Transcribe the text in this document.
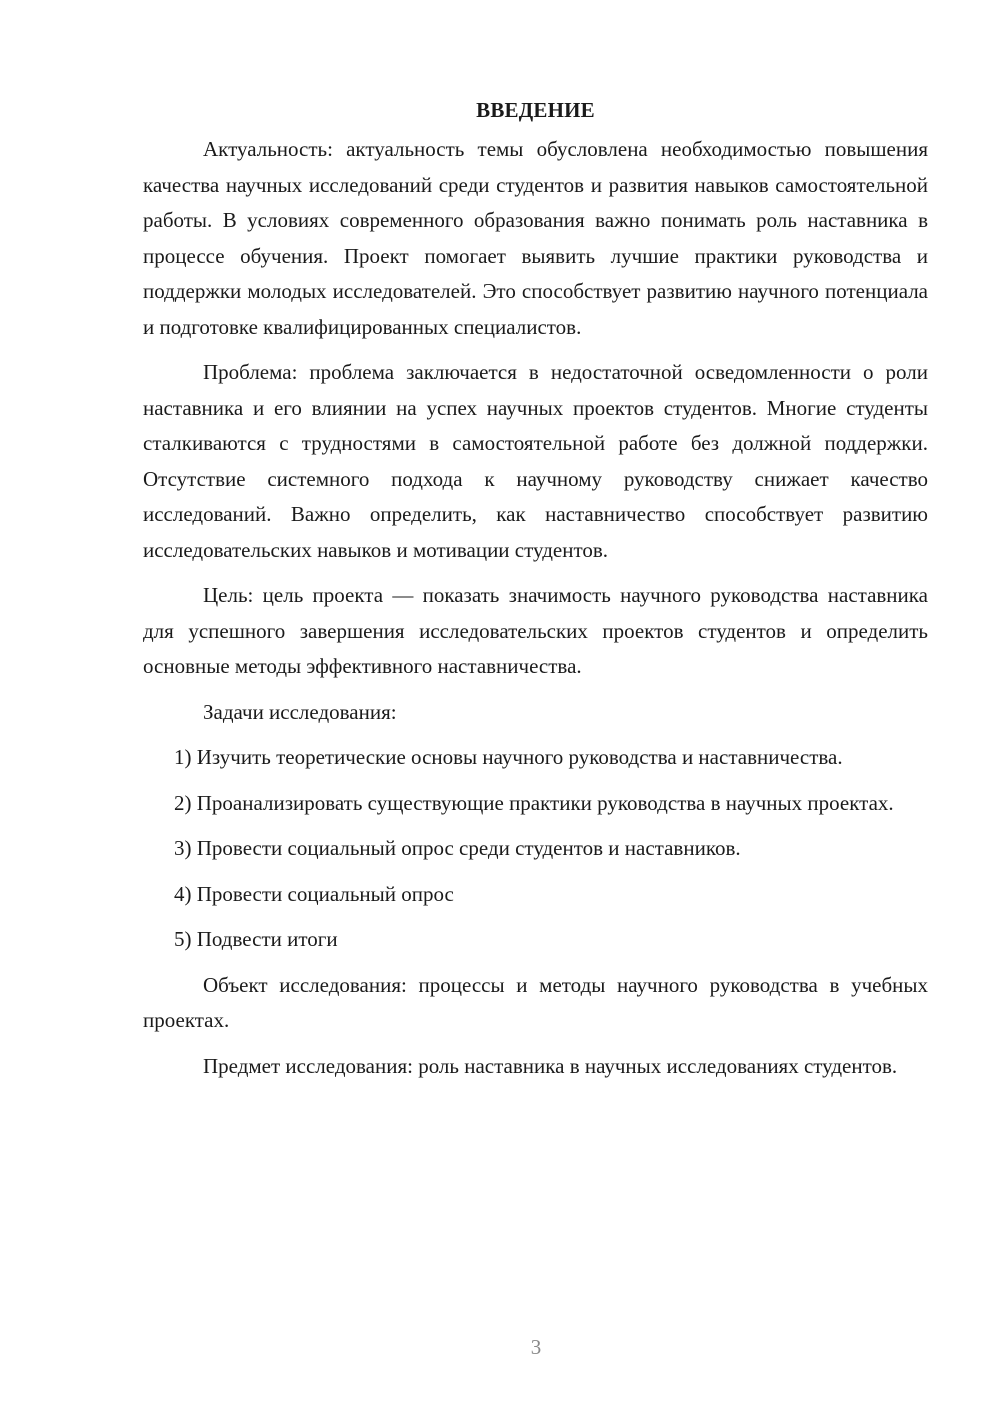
ВВЕДЕНИЕ

Актуальность: актуальность темы обусловлена необходимостью повышения качества научных исследований среди студентов и развития навыков самостоятельной работы. В условиях современного образования важно понимать роль наставника в процессе обучения. Проект помогает выявить лучшие практики руководства и поддержки молодых исследователей. Это способствует развитию научного потенциала и подготовке квалифицированных специалистов.

Проблема: проблема заключается в недостаточной осведомленности о роли наставника и его влиянии на успех научных проектов студентов. Многие студенты сталкиваются с трудностями в самостоятельной работе без должной поддержки. Отсутствие системного подхода к научному руководству снижает качество исследований. Важно определить, как наставничество способствует развитию исследовательских навыков и мотивации студентов.

Цель: цель проекта — показать значимость научного руководства наставника для успешного завершения исследовательских проектов студентов и определить основные методы эффективного наставничества.

Задачи исследования:

1) Изучить теоретические основы научного руководства и наставничества.

2) Проанализировать существующие практики руководства в научных проектах.

3) Провести социальный опрос среди студентов и наставников.

4) Провести социальный опрос

5) Подвести итоги

Объект исследования: процессы и методы научного руководства в учебных проектах.

Предмет исследования: роль наставника в научных исследованиях студентов.

3
